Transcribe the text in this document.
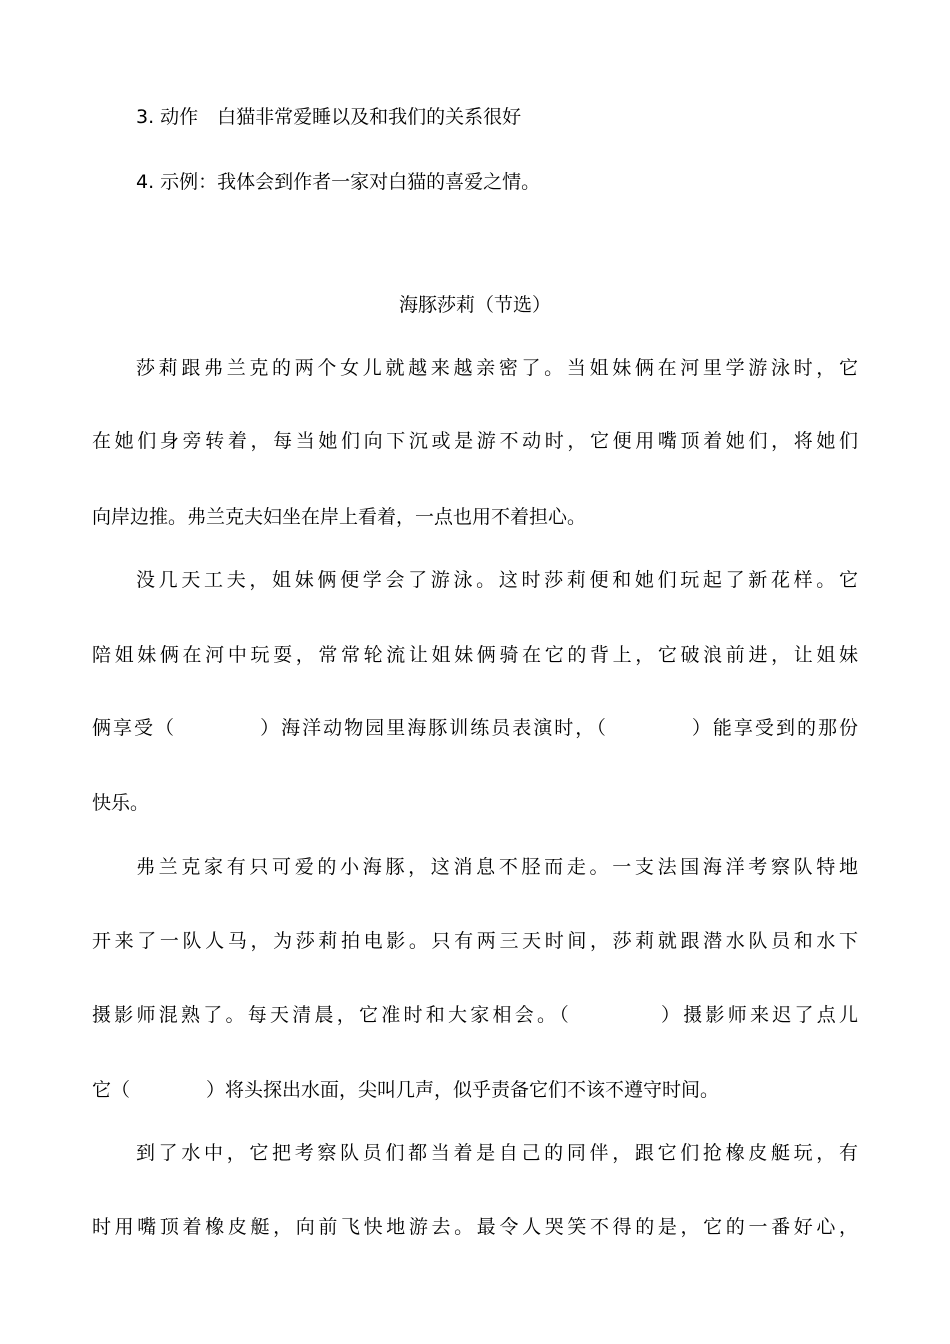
3. 动作　白猫非常爱睡以及和我们的关系很好
4. 示例：我体会到作者一家对白猫的喜爱之情。
海豚莎莉（节选）
莎莉跟弗兰克的两个女儿就越来越亲密了。当姐妹俩在河里学游泳时，它
在她们身旁转着，每当她们向下沉或是游不动时，它便用嘴顶着她们，将她们
向岸边推。弗兰克夫妇坐在岸上看着，一点也用不着担心。
没几天工夫，姐妹俩便学会了游泳。这时莎莉便和她们玩起了新花样。它
陪姐妹俩在河中玩耍，常常轮流让姐妹俩骑在它的背上，它破浪前进，让姐妹
俩享受（　　　　）海洋动物园里海豚训练员表演时，（　　　　）能享受到的那份
快乐。
弗兰克家有只可爱的小海豚，这消息不胫而走。一支法国海洋考察队特地
开来了一队人马，为莎莉拍电影。只有两三天时间，莎莉就跟潜水队员和水下
摄影师混熟了。每天清晨，它准时和大家相会。（　　　　）摄影师来迟了点儿
它（　　　　）将头探出水面，尖叫几声，似乎责备它们不该不遵守时间。
到了水中，它把考察队员们都当着是自己的同伴，跟它们抢橡皮艇玩，有
时用嘴顶着橡皮艇，向前飞快地游去。最令人哭笑不得的是，它的一番好心，
